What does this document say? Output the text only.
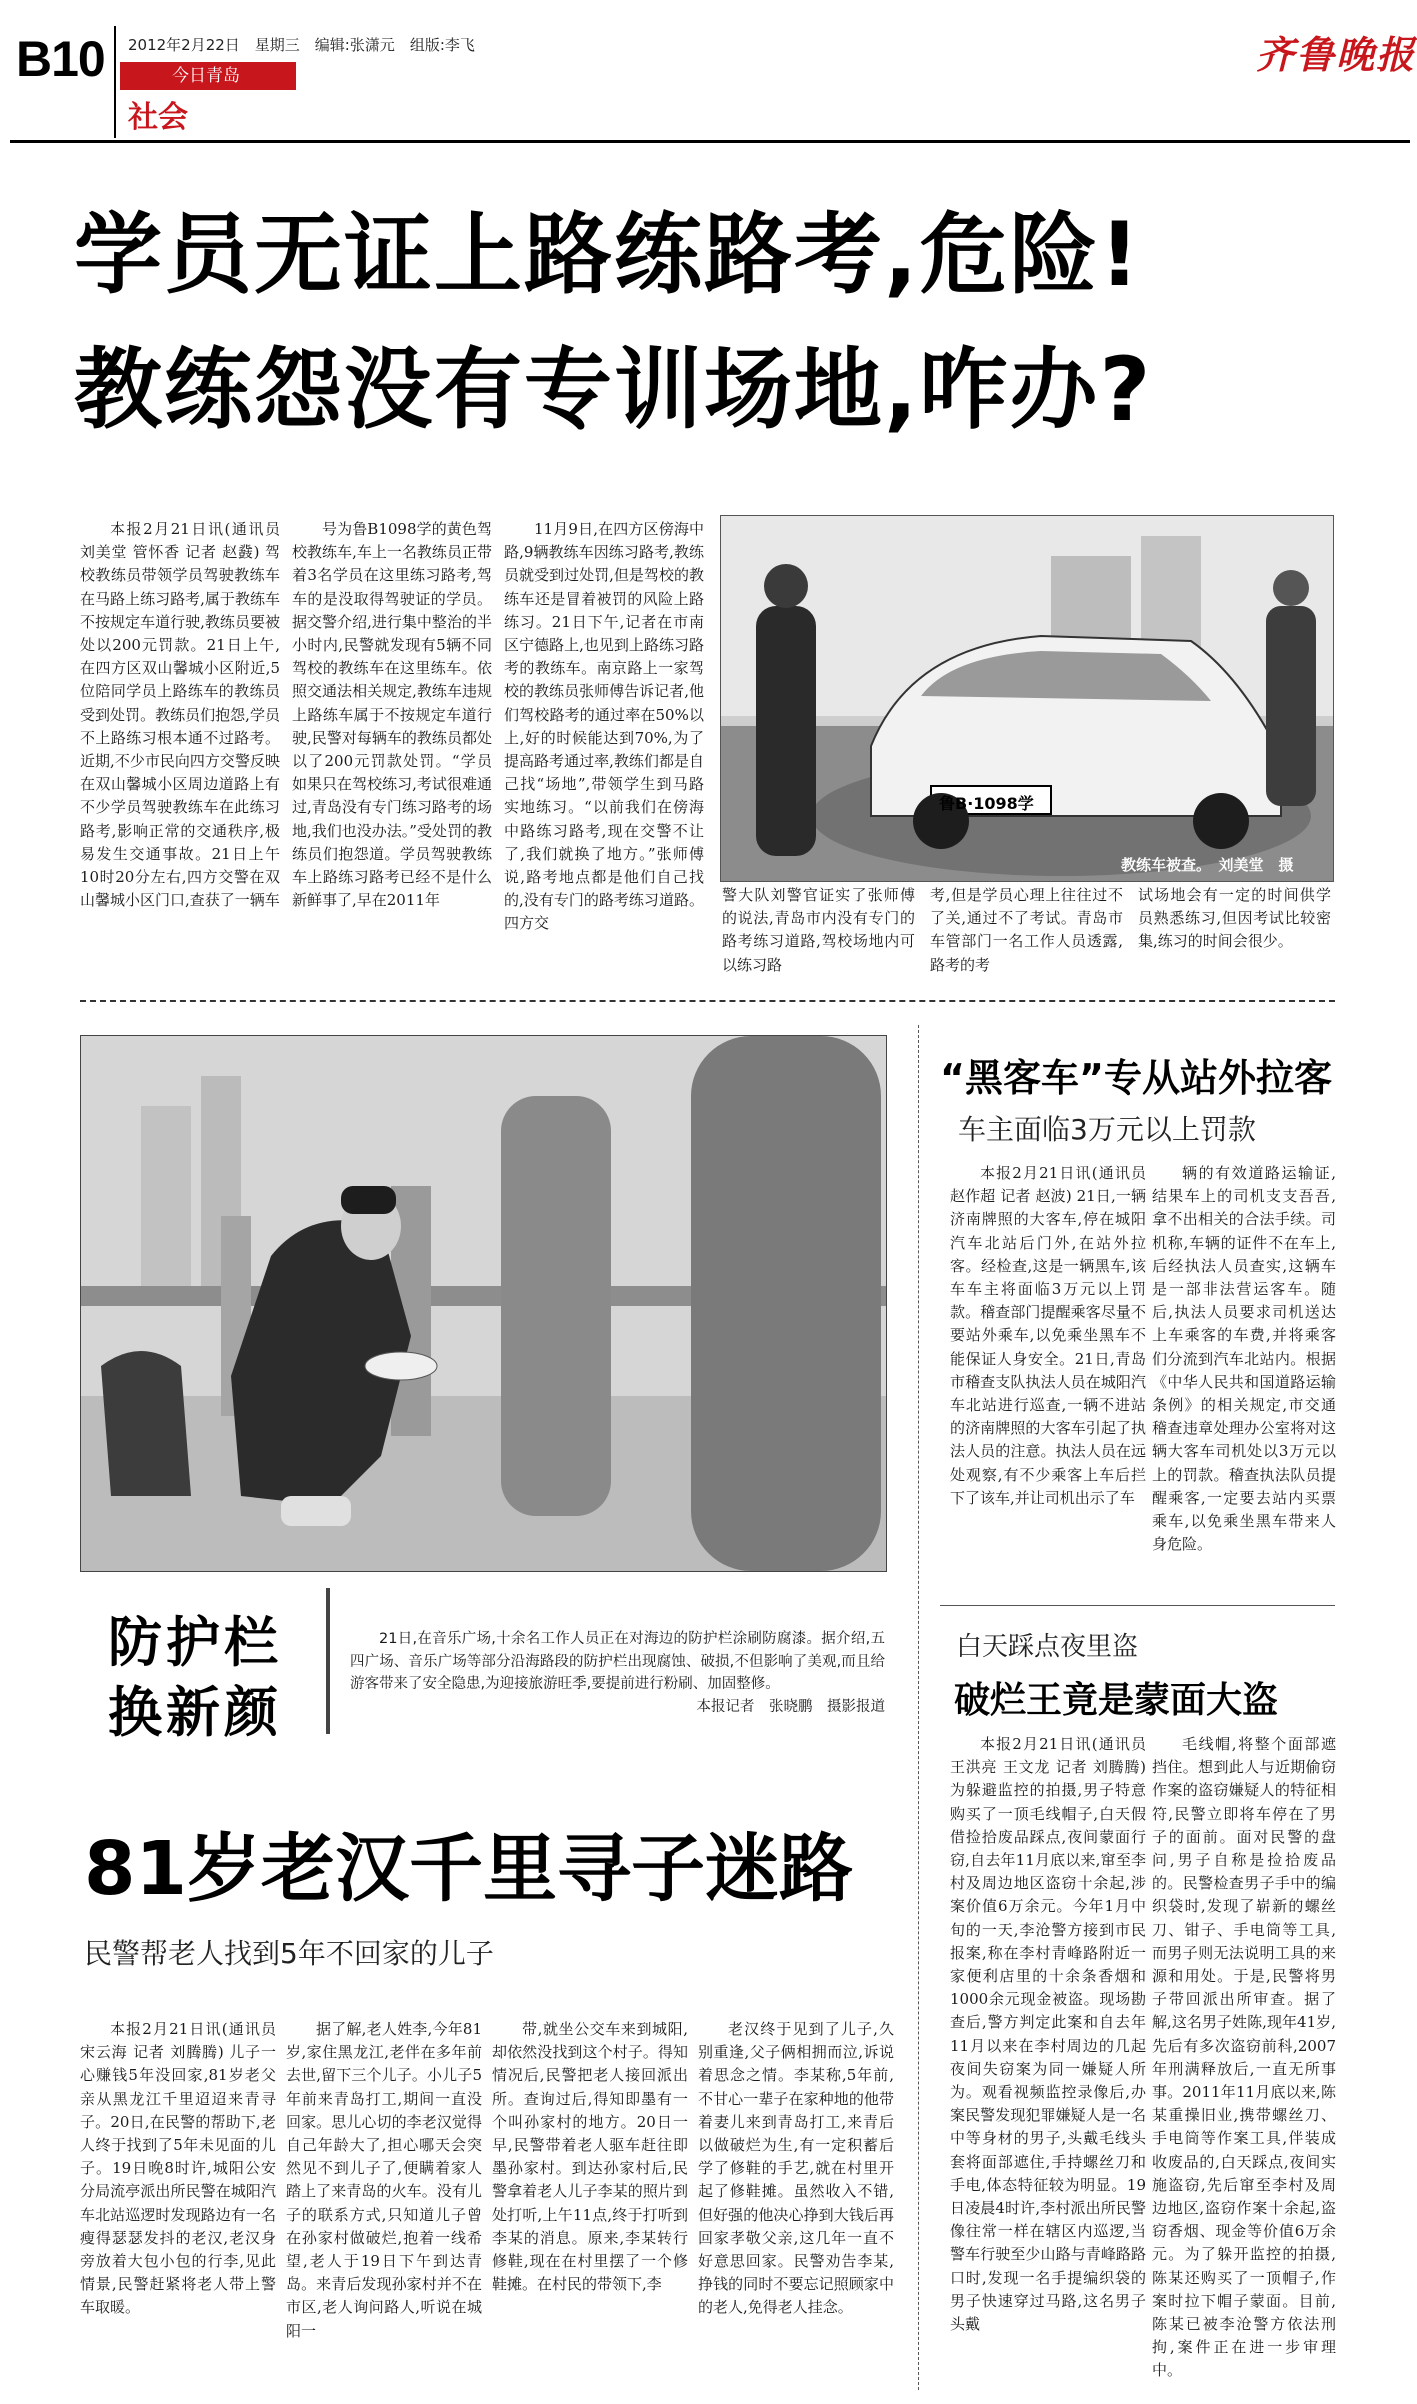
B10 2012年2月22日　星期三　编辑:张潇元　组版:李飞
今日青岛
社会
齐鲁晚报
学员无证上路练路考,危险!
教练怨没有专训场地,咋办?

本报2月21日讯(通讯员 刘美堂 管怀香 记者 赵鼗) 驾校教练员带领学员驾驶教练车在马路上练习路考,属于教练车不按规定车道行驶,教练员要被处以200元罚款。21日上午,在四方区双山馨城小区附近,5位陪同学员上路练车的教练员受到处罚。教练员们抱怨,学员不上路练习根本通不过路考。近期,不少市民向四方交警反映在双山馨城小区周边道路上有不少学员驾驶教练车在此练习路考,影响正常的交通秩序,极易发生交通事故。21日上午10时20分左右,四方交警在双山馨城小区门口,查获了一辆车

号为鲁B1098学的黄色驾校教练车,车上一名教练员正带着3名学员在这里练习路考,驾车的是没取得驾驶证的学员。据交警介绍,进行集中整治的半小时内,民警就发现有5辆不同驾校的教练车在这里练车。依照交通法相关规定,教练车违规上路练车属于不按规定车道行驶,民警对每辆车的教练员都处以了200元罚款处罚。“学员如果只在驾校练习,考试很难通过,青岛没有专门练习路考的场地,我们也没办法。”受处罚的教练员们抱怨道。学员驾驶教练车上路练习路考已经不是什么新鲜事了,早在2011年

11月9日,在四方区傍海中路,9辆教练车因练习路考,教练员就受到过处罚,但是驾校的教练车还是冒着被罚的风险上路练习。21日下午,记者在市南区宁德路上,也见到上路练习路考的教练车。南京路上一家驾校的教练员张师傅告诉记者,他们驾校路考的通过率在50%以上,好的时候能达到70%,为了提高路考通过率,教练们都是自己找“场地”,带领学生到马路实地练习。“以前我们在傍海中路练习路考,现在交警不让了,我们就换了地方。”张师傅说,路考地点都是他们自己找的,没有专门的路考练习道路。四方交

鲁B·1098学
教练车被查。　刘美堂　摄

警大队刘警官证实了张师傅的说法,青岛市内没有专门的路考练习道路,驾校场地内可以练习路

考,但是学员心理上往往过不了关,通过不了考试。青岛市车管部门一名工作人员透露,路考的考

试场地会有一定的时间供学员熟悉练习,但因考试比较密集,练习的时间会很少。

防护栏
换新颜

21日,在音乐广场,十余名工作人员正在对海边的防护栏涂刷防腐漆。据介绍,五四广场、音乐广场等部分沿海路段的防护栏出现腐蚀、破损,不但影响了美观,而且给游客带来了安全隐患,为迎接旅游旺季,要提前进行粉刷、加固整修。

本报记者　张晓鹏　摄影报道

81岁老汉千里寻子迷路
民警帮老人找到5年不回家的儿子

本报2月21日讯(通讯员 宋云海 记者 刘腾腾) 儿子一心赚钱5年没回家,81岁老父亲从黑龙江千里迢迢来青寻子。20日,在民警的帮助下,老人终于找到了5年未见面的儿子。19日晚8时许,城阳公安分局流亭派出所民警在城阳汽车北站巡逻时发现路边有一名瘦得瑟瑟发抖的老汉,老汉身旁放着大包小包的行李,见此情景,民警赶紧将老人带上警车取暖。

据了解,老人姓李,今年81岁,家住黑龙江,老伴在多年前去世,留下三个儿子。小儿子5年前来青岛打工,期间一直没回家。思儿心切的李老汉觉得自己年龄大了,担心哪天会突然见不到儿子了,便瞒着家人踏上了来青岛的火车。没有儿子的联系方式,只知道儿子曾在孙家村做破烂,抱着一线希望,老人于19日下午到达青岛。来青后发现孙家村并不在市区,老人询问路人,听说在城阳一

带,就坐公交车来到城阳,却依然没找到这个村子。得知情况后,民警把老人接回派出所。查询过后,得知即墨有一个叫孙家村的地方。20日一早,民警带着老人驱车赶往即墨孙家村。到达孙家村后,民警拿着老人儿子李某的照片到处打听,上午11点,终于打听到李某的消息。原来,李某转行修鞋,现在在村里摆了一个修鞋摊。在村民的带领下,李

老汉终于见到了儿子,久别重逢,父子俩相拥而泣,诉说着思念之情。李某称,5年前,不甘心一辈子在家种地的他带着妻儿来到青岛打工,来青后以做破烂为生,有一定积蓄后学了修鞋的手艺,就在村里开起了修鞋摊。虽然收入不错,但好强的他决心挣到大钱后再回家孝敬父亲,这几年一直不好意思回家。民警劝告李某,挣钱的同时不要忘记照顾家中的老人,免得老人挂念。

“黑客车”专从站外拉客
车主面临3万元以上罚款

本报2月21日讯(通讯员 赵作超 记者 赵波) 21日,一辆济南牌照的大客车,停在城阳汽车北站后门外,在站外拉客。经检查,这是一辆黑车,该车车主将面临3万元以上罚款。稽查部门提醒乘客尽量不要站外乘车,以免乘坐黑车不能保证人身安全。21日,青岛市稽查支队执法人员在城阳汽车北站进行巡查,一辆不进站的济南牌照的大客车引起了执法人员的注意。执法人员在远处观察,有不少乘客上车后拦下了该车,并让司机出示了车

辆的有效道路运输证,结果车上的司机支支吾吾,拿不出相关的合法手续。司机称,车辆的证件不在车上,后经执法人员查实,这辆车是一部非法营运客车。随后,执法人员要求司机送达上车乘客的车费,并将乘客们分流到汽车北站内。根据《中华人民共和国道路运输条例》的相关规定,市交通稽查违章处理办公室将对这辆大客车司机处以3万元以上的罚款。稽查执法队员提醒乘客,一定要去站内买票乘车,以免乘坐黑车带来人身危险。

白天踩点夜里盗
破烂王竟是蒙面大盗

本报2月21日讯(通讯员 王洪亮 王文龙 记者 刘腾腾) 为躲避监控的拍摄,男子特意购买了一顶毛线帽子,白天假借捡拾废品踩点,夜间蒙面行窃,自去年11月底以来,窜至李村及周边地区盗窃十余起,涉案价值6万余元。今年1月中旬的一天,李沧警方接到市民报案,称在李村青峰路附近一家便利店里的十余条香烟和1000余元现金被盗。现场勘查后,警方判定此案和自去年11月以来在李村周边的几起夜间失窃案为同一嫌疑人所为。观看视频监控录像后,办案民警发现犯罪嫌疑人是一名中等身材的男子,头戴毛线头套将面部遮住,手持螺丝刀和手电,体态特征较为明显。19日凌晨4时许,李村派出所民警像往常一样在辖区内巡逻,当警车行驶至少山路与青峰路路口时,发现一名手提编织袋的男子快速穿过马路,这名男子头戴

毛线帽,将整个面部遮挡住。想到此人与近期偷窃作案的盗窃嫌疑人的特征相符,民警立即将车停在了男子的面前。面对民警的盘问,男子自称是捡拾废品的。民警检查男子手中的编织袋时,发现了崭新的螺丝刀、钳子、手电筒等工具,而男子则无法说明工具的来源和用处。于是,民警将男子带回派出所审查。据了解,这名男子姓陈,现年41岁,先后有多次盗窃前科,2007年刑满释放后,一直无所事事。2011年11月底以来,陈某重操旧业,携带螺丝刀、手电筒等作案工具,伴装成收废品的,白天踩点,夜间实施盗窃,先后窜至李村及周边地区,盗窃作案十余起,盗窃香烟、现金等价值6万余元。为了躲开监控的拍摄,陈某还购买了一顶帽子,作案时拉下帽子蒙面。目前,陈某已被李沧警方依法刑拘,案件正在进一步审理中。
